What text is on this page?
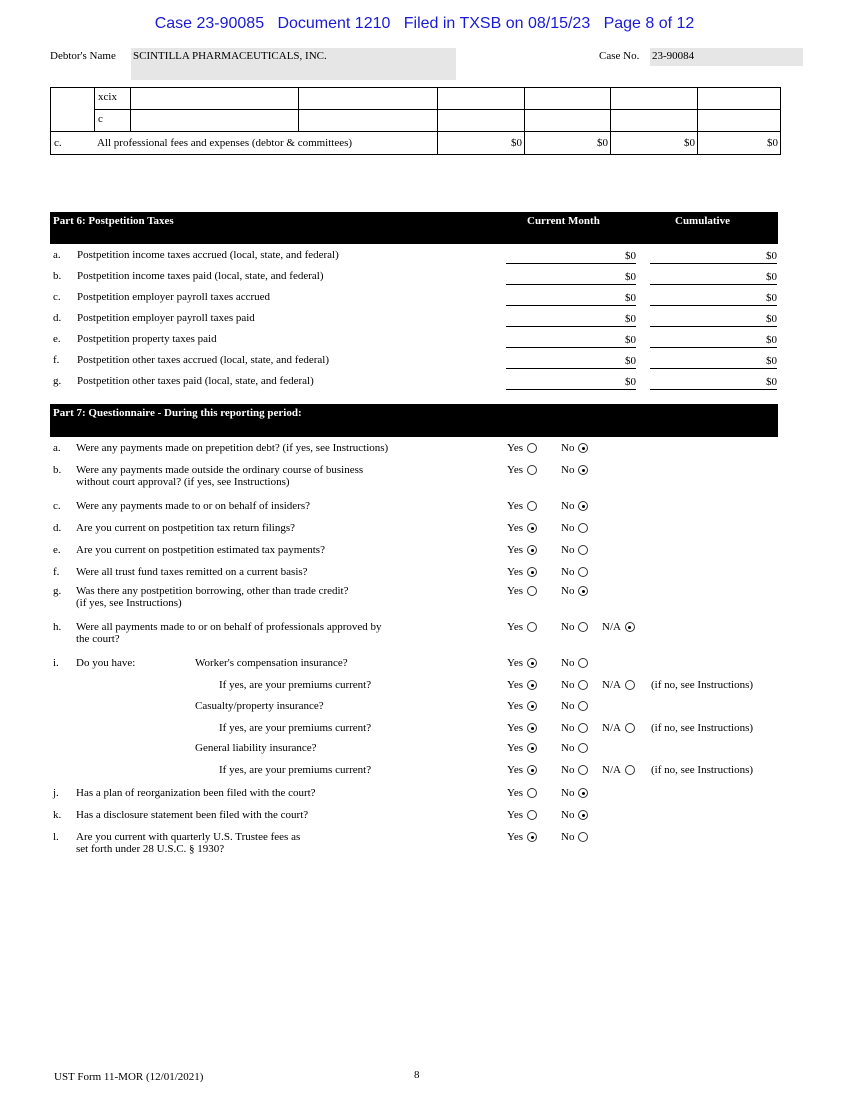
Case 23-90085   Document 1210   Filed in TXSB on 08/15/23   Page 8 of 12
Debtor's Name SCINTILLA PHARMACEUTICALS, INC.	Case No. 23-90084
xcix
c
c.	All professional fees and expenses (debtor & committees)	$0	$0	$0	$0
Part 6: Postpetition Taxes	Current Month	Cumulative
a. Postpetition income taxes accrued (local, state, and federal)	$0	$0
b. Postpetition income taxes paid (local, state, and federal)	$0	$0
c. Postpetition employer payroll taxes accrued	$0	$0
d. Postpetition employer payroll taxes paid	$0	$0
e. Postpetition property taxes paid	$0	$0
f. Postpetition other taxes accrued (local, state, and federal)	$0	$0
g. Postpetition other taxes paid (local, state, and federal)	$0	$0
Part 7: Questionnaire - During this reporting period:
a. Were any payments made on prepetition debt? (if yes, see Instructions)	Yes	No
b. Were any payments made outside the ordinary course of business
without court approval? (if yes, see Instructions)
Yes	No
c. Were any payments made to or on behalf of insiders?	Yes	No
d. Are you current on postpetition tax return filings?	Yes	No
e. Are you current on postpetition estimated tax payments?	Yes	No
f. Were all trust fund taxes remitted on a current basis?	Yes	No
g. Was there any postpetition borrowing, other than trade credit?
(if yes, see Instructions)
Yes	No
h. Were all payments made to or on behalf of professionals approved by
the court?
Yes	No	N/A
i. Do you have:	Worker's compensation insurance?	Yes	No
If yes, are your premiums current?	Yes	No	N/A	(if no, see Instructions)
Casualty/property insurance?	Yes	No
If yes, are your premiums current?	Yes	No	N/A	(if no, see Instructions)
General liability insurance?	Yes	No
If yes, are your premiums current?	Yes	No	N/A	(if no, see Instructions)
j. Has a plan of reorganization been filed with the court?	Yes	No
k. Has a disclosure statement been filed with the court?	Yes	No
l. Are you current with quarterly U.S. Trustee fees as
set forth under 28 U.S.C. § 1930?
Yes	No
UST Form 11-MOR (12/01/2021)	8
